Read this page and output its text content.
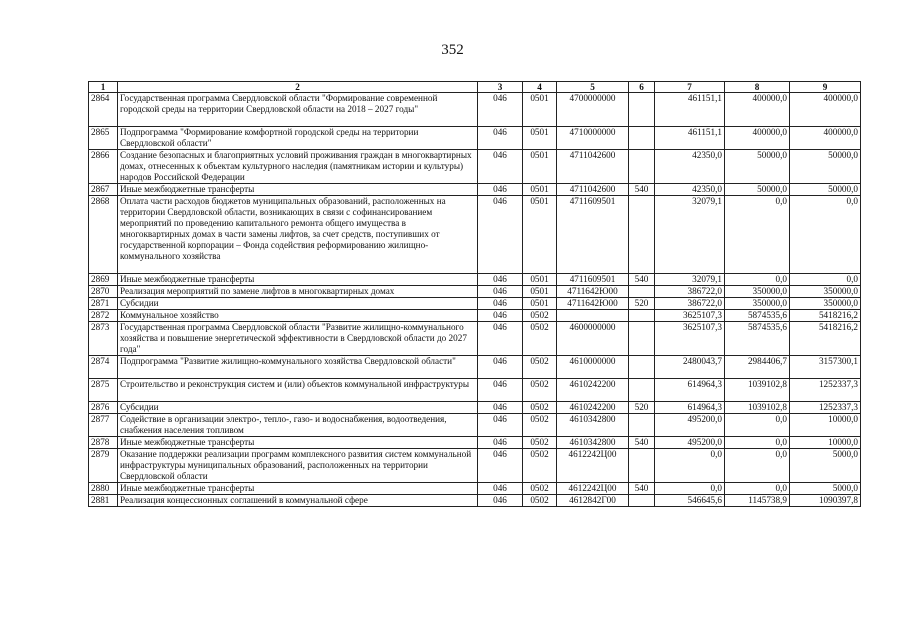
352
1	2	3	4	5	6	7	8	9
2864	Государственная программа Свердловской области "Формирование современной городской среды на территории Свердловской области на 2018 – 2027 годы"	046	0501	4700000000		461151,1	400000,0	400000,0
2865	Подпрограмма "Формирование комфортной городской среды на территории Свердловской области"	046	0501	4710000000		461151,1	400000,0	400000,0
2866	Создание безопасных и благоприятных условий проживания граждан в многоквартирных домах, отнесенных к объектам культурного наследия (памятникам истории и культуры) народов Российской Федерации	046	0501	4711042600		42350,0	50000,0	50000,0
2867	Иные межбюджетные трансферты	046	0501	4711042600	540	42350,0	50000,0	50000,0
2868	Оплата части расходов бюджетов муниципальных образований, расположенных на территории Свердловской области, возникающих в связи с софинансированием мероприятий по проведению капитального ремонта общего имущества в многоквартирных домах в части замены лифтов, за счет средств, поступивших от государственной корпорации – Фонда содействия реформированию жилищно-коммунального хозяйства	046	0501	4711609501		32079,1	0,0	0,0
2869	Иные межбюджетные трансферты	046	0501	4711609501	540	32079,1	0,0	0,0
2870	Реализация мероприятий по замене лифтов в многоквартирных домах	046	0501	4711642Ю00		386722,0	350000,0	350000,0
2871	Субсидии	046	0501	4711642Ю00	520	386722,0	350000,0	350000,0
2872	Коммунальное хозяйство	046	0502			3625107,3	5874535,6	5418216,2
2873	Государственная программа Свердловской области "Развитие жилищно-коммунального хозяйства и повышение энергетической эффективности в Свердловской области до 2027 года"	046	0502	4600000000		3625107,3	5874535,6	5418216,2
2874	Подпрограмма "Развитие жилищно-коммунального хозяйства Свердловской области"	046	0502	4610000000		2480043,7	2984406,7	3157300,1
2875	Строительство и реконструкция систем и (или) объектов коммунальной инфраструктуры	046	0502	4610242200		614964,3	1039102,8	1252337,3
2876	Субсидии	046	0502	4610242200	520	614964,3	1039102,8	1252337,3
2877	Содействие в организации электро-, тепло-, газо- и водоснабжения, водоотведения, снабжения населения топливом	046	0502	4610342800		495200,0	0,0	10000,0
2878	Иные межбюджетные трансферты	046	0502	4610342800	540	495200,0	0,0	10000,0
2879	Оказание поддержки реализации программ комплексного развития систем коммунальной инфраструктуры муниципальных образований, расположенных на территории Свердловской области	046	0502	4612242Ц00		0,0	0,0	5000,0
2880	Иные межбюджетные трансферты	046	0502	4612242Ц00	540	0,0	0,0	5000,0
2881	Реализация концессионных соглашений в коммунальной сфере	046	0502	4612842Г00		546645,6	1145738,9	1090397,8
